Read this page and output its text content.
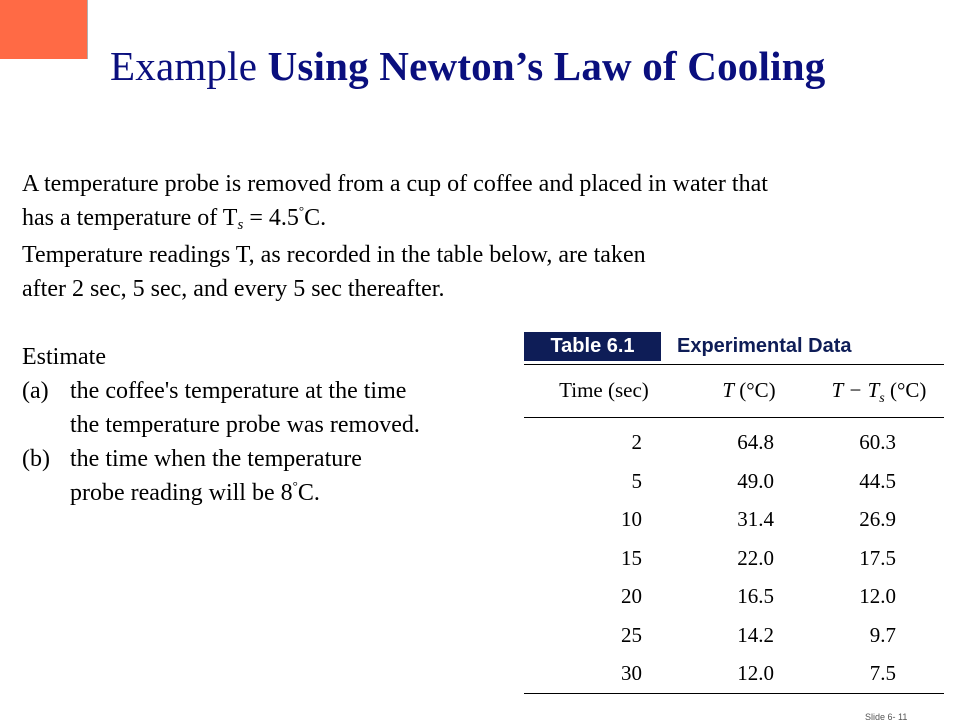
Example Using Newton’s Law of Cooling
A temperature probe is removed from a cup of coffee and placed in water that
has a temperature of Ts = 4.5°C.
Temperature readings T, as recorded in the table below, are taken
after 2 sec, 5 sec, and every 5 sec thereafter.
Estimate
(a) the coffee's temperature at the time
the temperature probe was removed.
(b) the time when the temperature
probe reading will be 8°C.
Table 6.1	Experimental Data
Time (sec)	T (°C)	$T - T_s$ (°C)

2	64.8	60.3
5	49.0	44.5
10	31.4	26.9
15	22.0	17.5
20	16.5	12.0
25	14.2	9.7
30	12.0	7.5
Slide 6- 11
